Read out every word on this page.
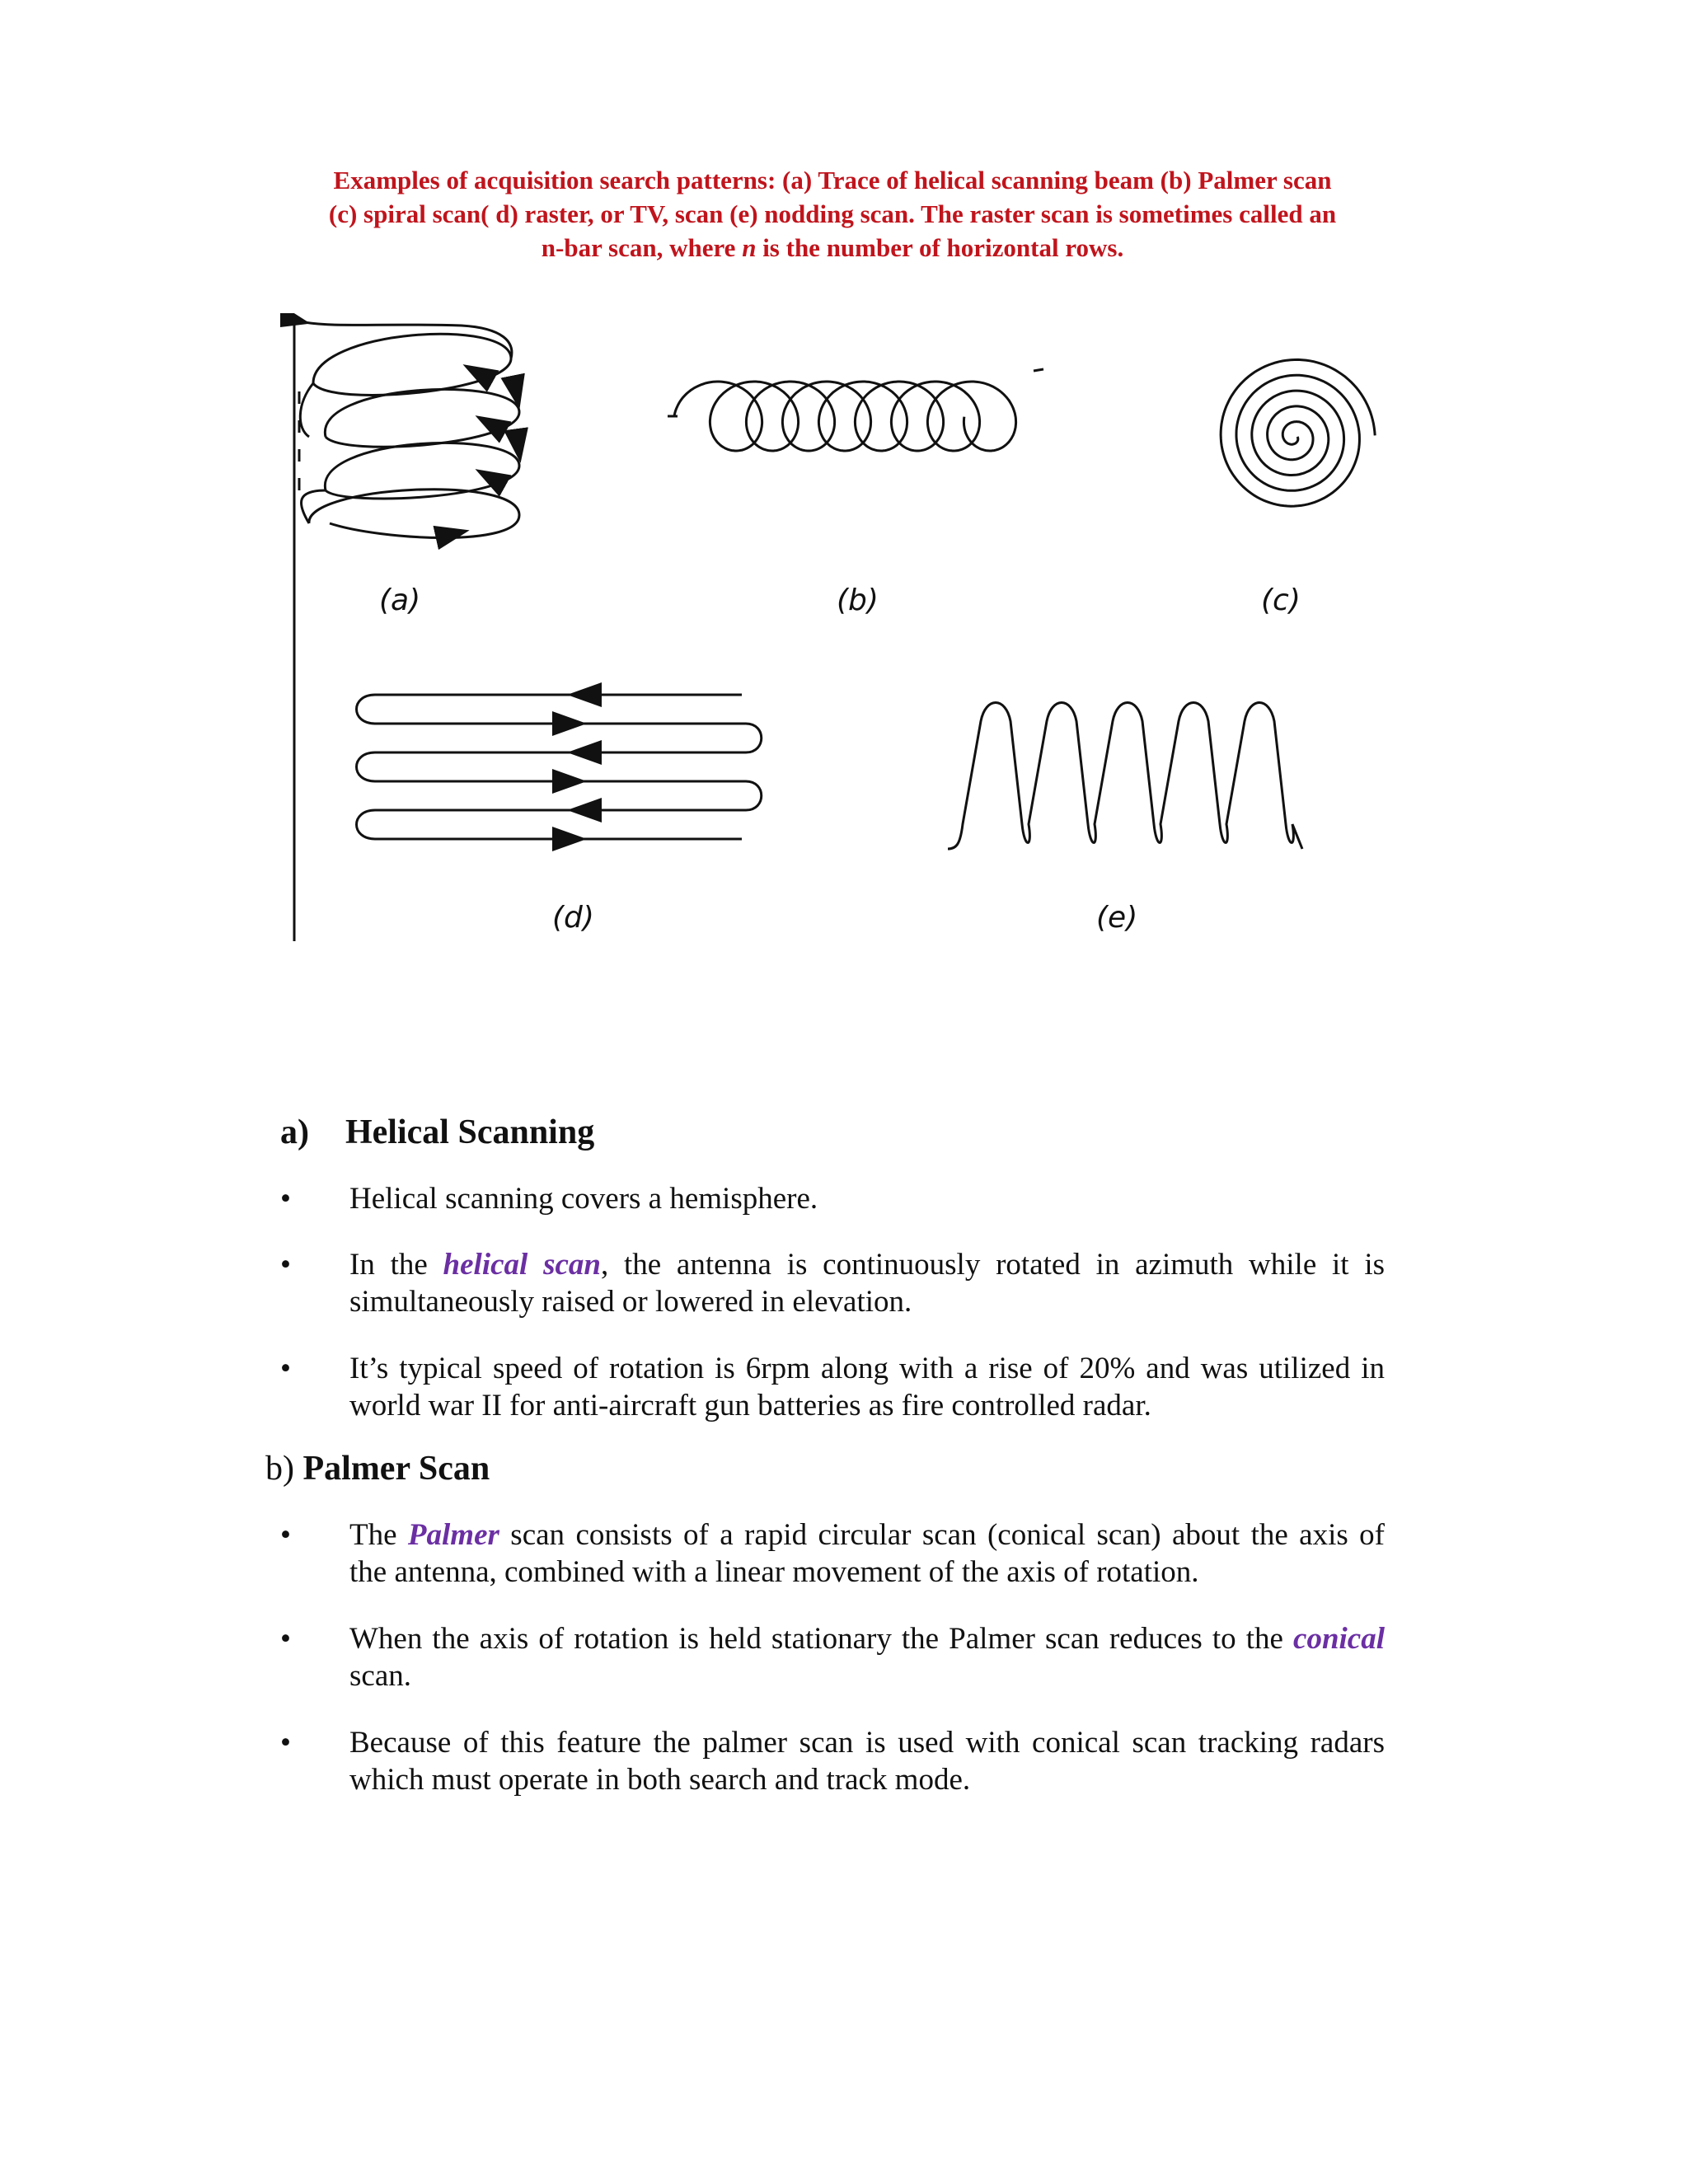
Examples of acquisition search patterns: (a) Trace of helical scanning beam (b) Palmer scan
(c) spiral scan( d) raster, or TV, scan (e) nodding scan. The raster scan is sometimes called an
n-bar scan, where n is the number of horizontal rows.
(a)	(b)	(c)
(d)	(e)
a) Helical Scanning
•	Helical scanning covers a hemisphere.
•	In the helical scan, the antenna is continuously rotated in azimuth while it is
simultaneously raised or lowered in elevation.
•	It’s typical speed of rotation is 6rpm along with a rise of 20% and was utilized in
world war II for anti-aircraft gun batteries as fire controlled radar.
b) Palmer Scan
•	The Palmer scan consists of a rapid circular scan (conical scan) about the axis of
the antenna, combined with a linear movement of the axis of rotation.
•	When the axis of rotation is held stationary the Palmer scan reduces to the conical
scan.
•	Because of this feature the palmer scan is used with conical scan tracking radars
which must operate in both search and track mode.
